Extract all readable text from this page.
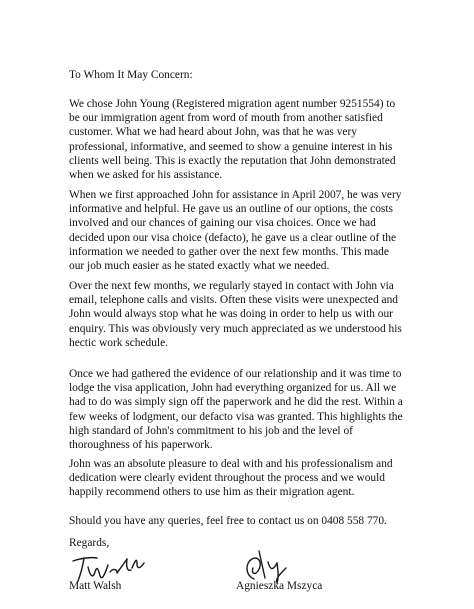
To Whom It May Concern:

We chose John Young (Registered migration agent number 9251554) to
be our immigration agent from word of mouth from another satisfied
customer. What we had heard about John, was that he was very
professional, informative, and seemed to show a genuine interest in his
clients well being. This is exactly the reputation that John demonstrated
when we asked for his assistance.

When we first approached John for assistance in April 2007, he was very
informative and helpful. He gave us an outline of our options, the costs
involved and our chances of gaining our visa choices. Once we had
decided upon our visa choice (defacto), he gave us a clear outline of the
information we needed to gather over the next few months. This made
our job much easier as he stated exactly what we needed.

Over the next few months, we regularly stayed in contact with John via
email, telephone calls and visits. Often these visits were unexpected and
John would always stop what he was doing in order to help us with our
enquiry. This was obviously very much appreciated as we understood his
hectic work schedule.

Once we had gathered the evidence of our relationship and it was time to
lodge the visa application, John had everything organized for us. All we
had to do was simply sign off the paperwork and he did the rest. Within a
few weeks of lodgment, our defacto visa was granted. This highlights the
high standard of John's commitment to his job and the level of
thoroughness of his paperwork.

John was an absolute pleasure to deal with and his professionalism and
dedication were clearly evident throughout the process and we would
happily recommend others to use him as their migration agent.

Should you have any queries, feel free to contact us on 0408 558 770.

Regards,

Matt Walsh	Agnieszka Mszyca
